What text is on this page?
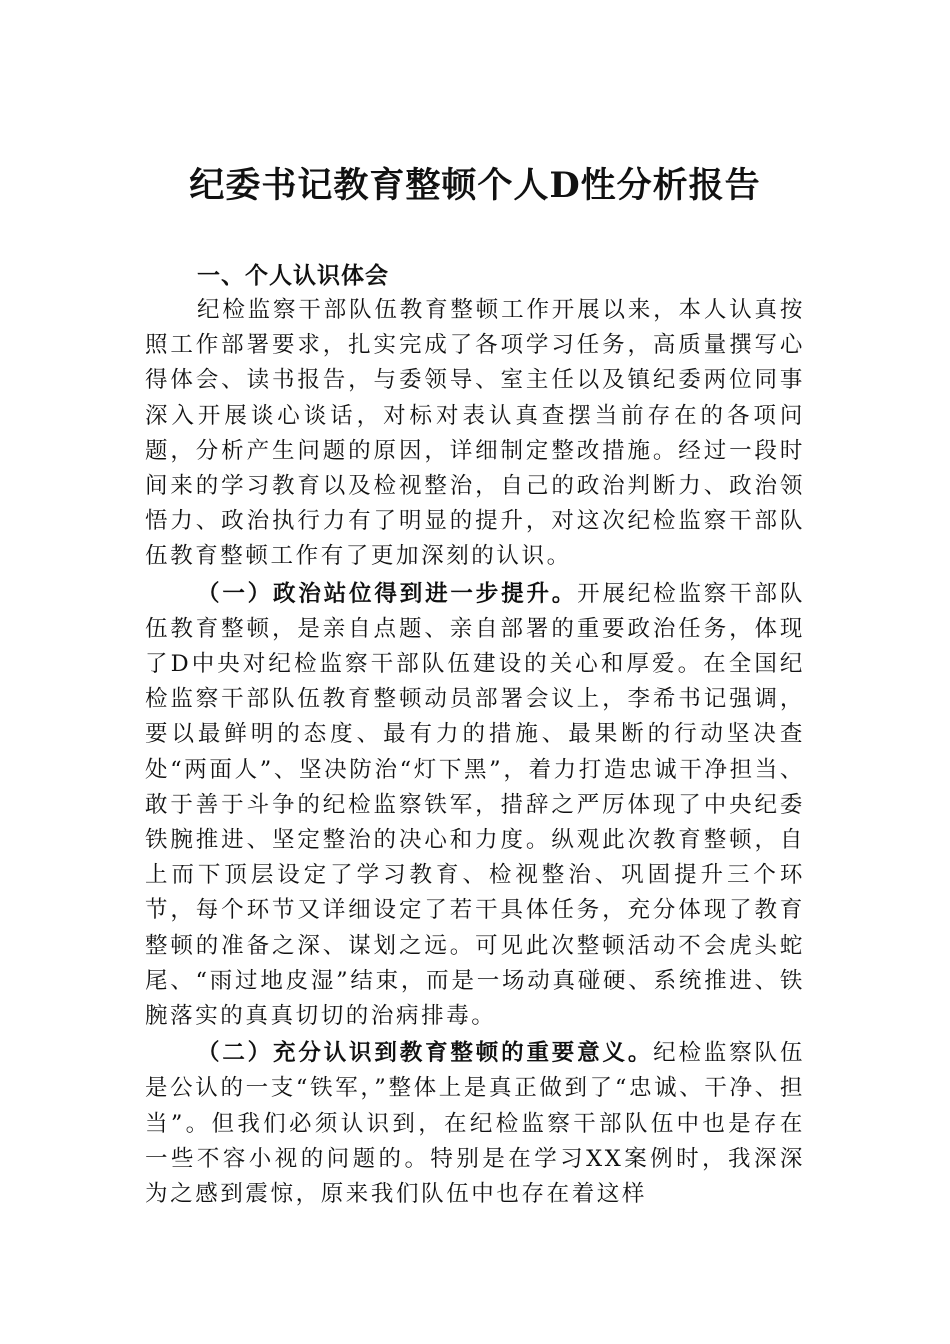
纪委书记教育整顿个人D性分析报告

一、个人认识体会

纪检监察干部队伍教育整顿工作开展以来，本人认真按照工作部署要求，扎实完成了各项学习任务，高质量撰写心得体会、读书报告，与委领导、室主任以及镇纪委两位同事深入开展谈心谈话，对标对表认真查摆当前存在的各项问题，分析产生问题的原因，详细制定整改措施。经过一段时间来的学习教育以及检视整治，自己的政治判断力、政治领悟力、政治执行力有了明显的提升，对这次纪检监察干部队伍教育整顿工作有了更加深刻的认识。

（一）政治站位得到进一步提升。开展纪检监察干部队伍教育整顿，是亲自点题、亲自部署的重要政治任务，体现了D中央对纪检监察干部队伍建设的关心和厚爱。在全国纪检监察干部队伍教育整顿动员部署会议上，李希书记强调，要以最鲜明的态度、最有力的措施、最果断的行动坚决查处“两面人”、坚决防治“灯下黑”，着力打造忠诚干净担当、敢于善于斗争的纪检监察铁军，措辞之严厉体现了中央纪委铁腕推进、坚定整治的决心和力度。纵观此次教育整顿，自上而下顶层设定了学习教育、检视整治、巩固提升三个环节，每个环节又详细设定了若干具体任务，充分体现了教育整顿的准备之深、谋划之远。可见此次整顿活动不会虎头蛇尾、“雨过地皮湿”结束，而是一场动真碰硬、系统推进、铁腕落实的真真切切的治病排毒。

（二）充分认识到教育整顿的重要意义。纪检监察队伍是公认的一支“铁军，”整体上是真正做到了“忠诚、干净、担当”。但我们必须认识到，在纪检监察干部队伍中也是存在一些不容小视的问题的。特别是在学习XX案例时，我深深为之感到震惊，原来我们队伍中也存在着这样
